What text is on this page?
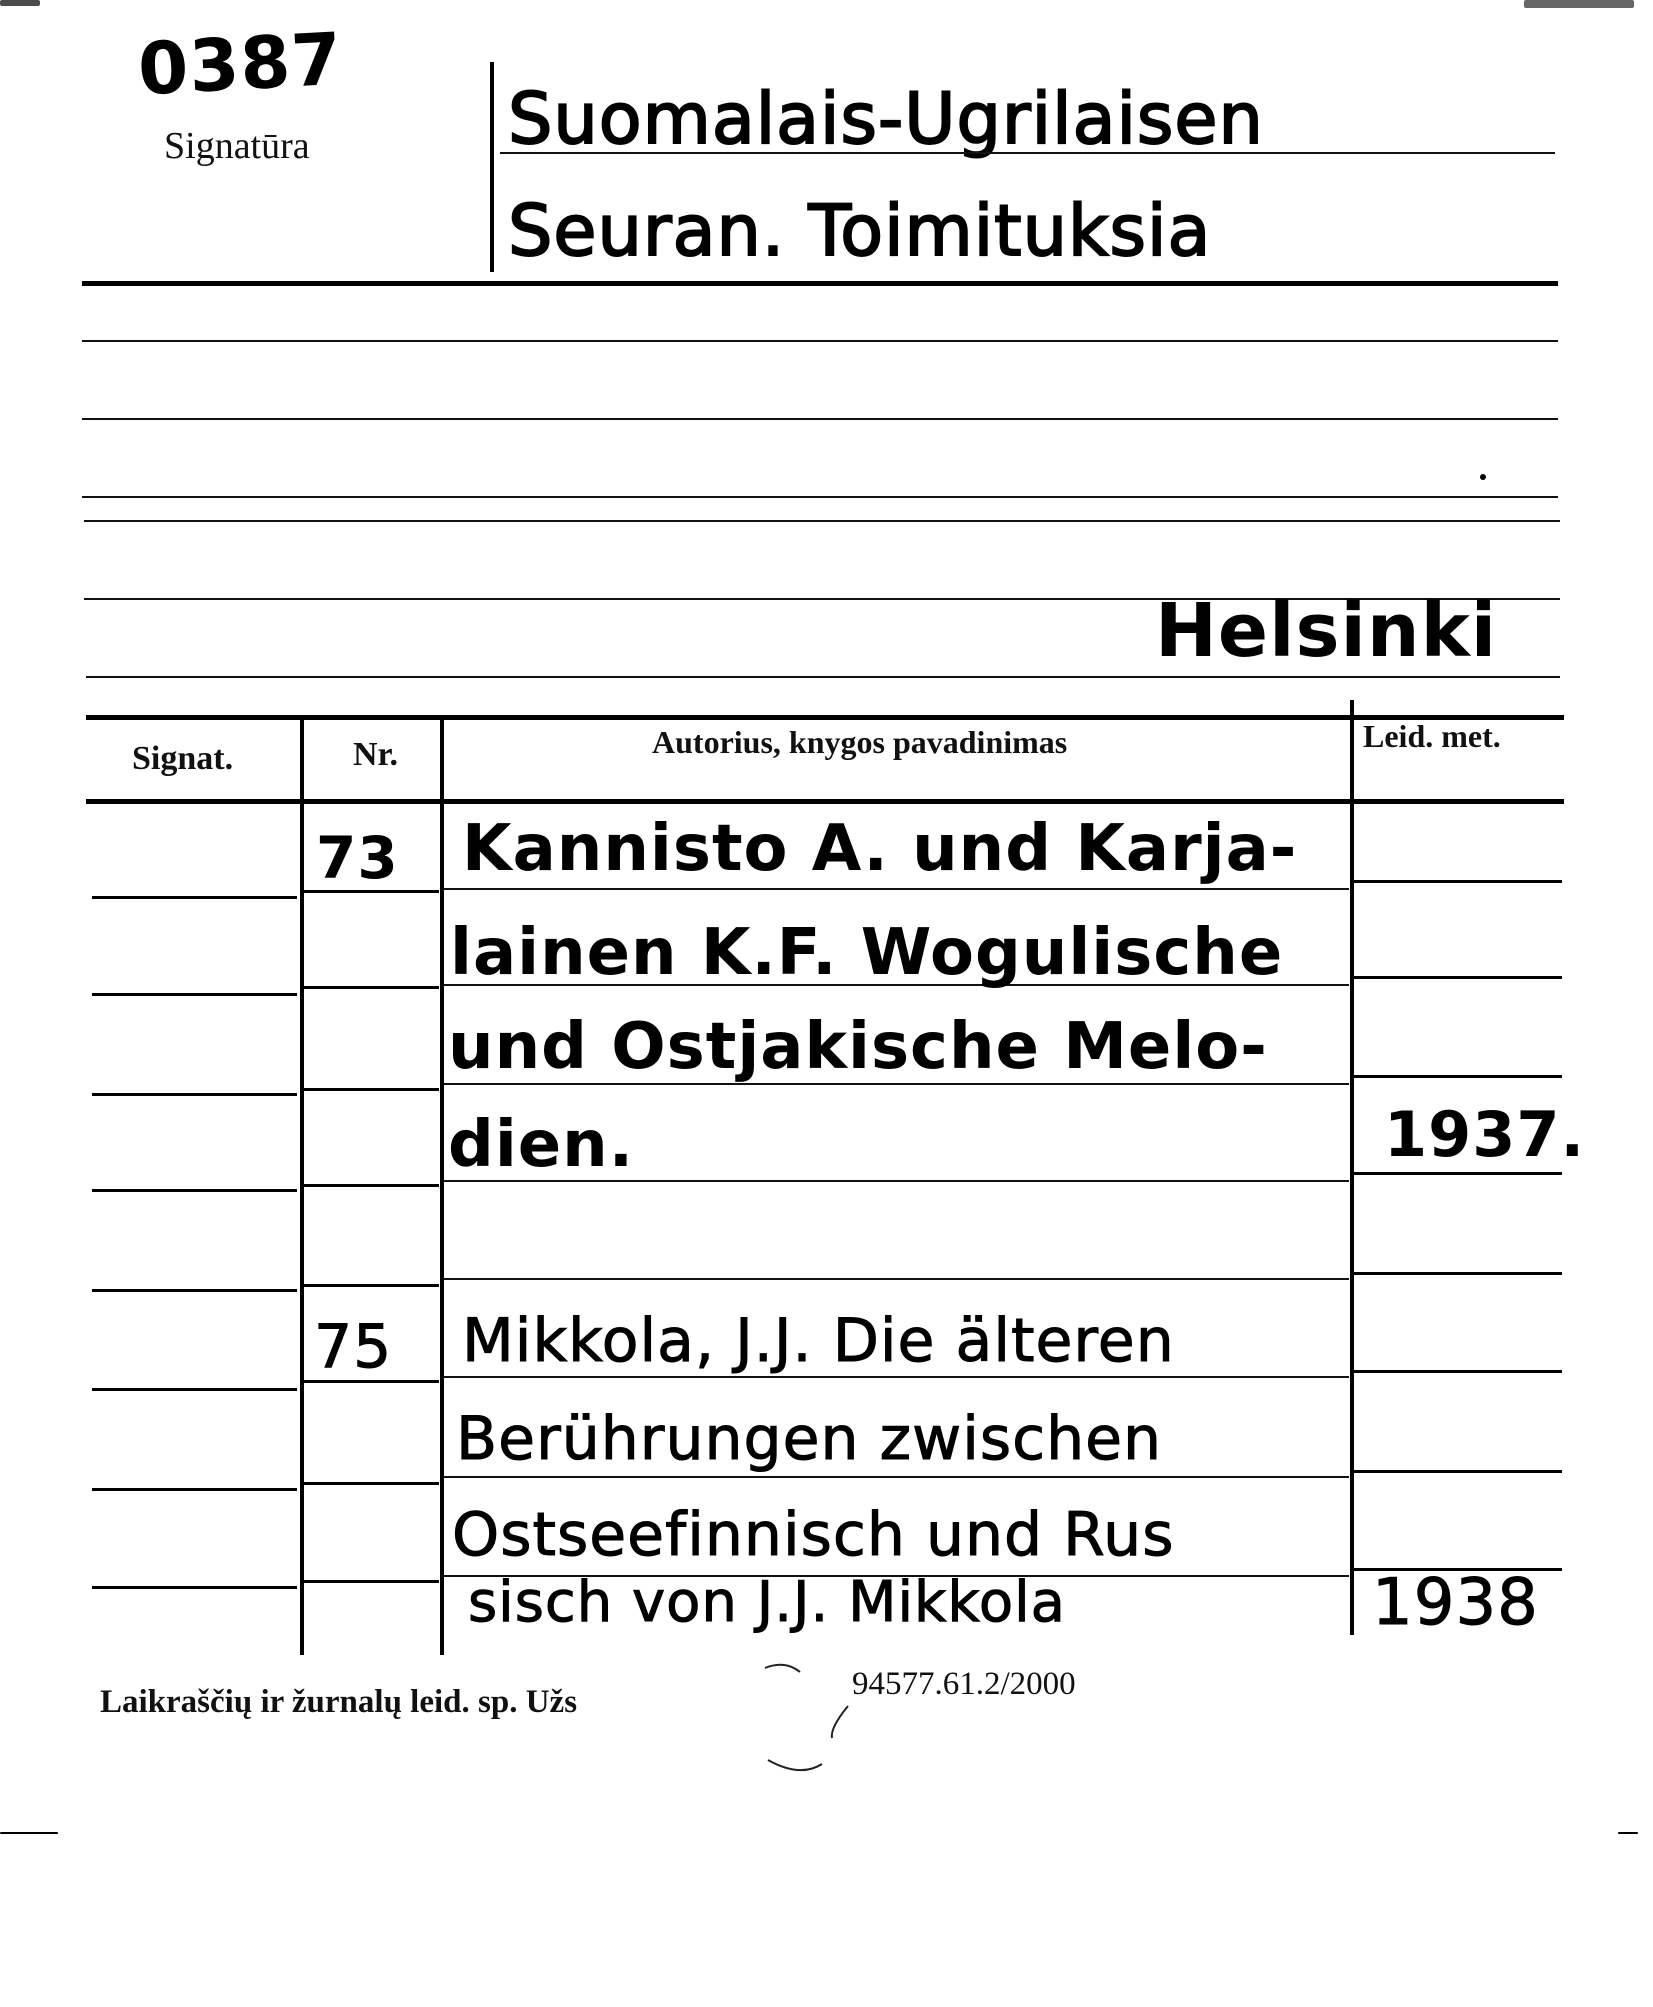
0387
Signatūra	Suomalais-Ugrilaisen
Seuran. Toimituksia
Helsinki
Signat.	Nr.	Autorius, knygos pavadinimas	Leid. met.
73 Kannisto A. und Karja-
lainen K.F. Wogulische
und Ostjakische Melo-
dien.	1937.
75 Mikkola, J.J. Die älteren
Berührungen zwischen
Ostseefinnisch und Rus
sisch von J.J. Mikkola	1938
Laikraščių ir žurnalų leid. sp. Užs	94577.61.2/2000
